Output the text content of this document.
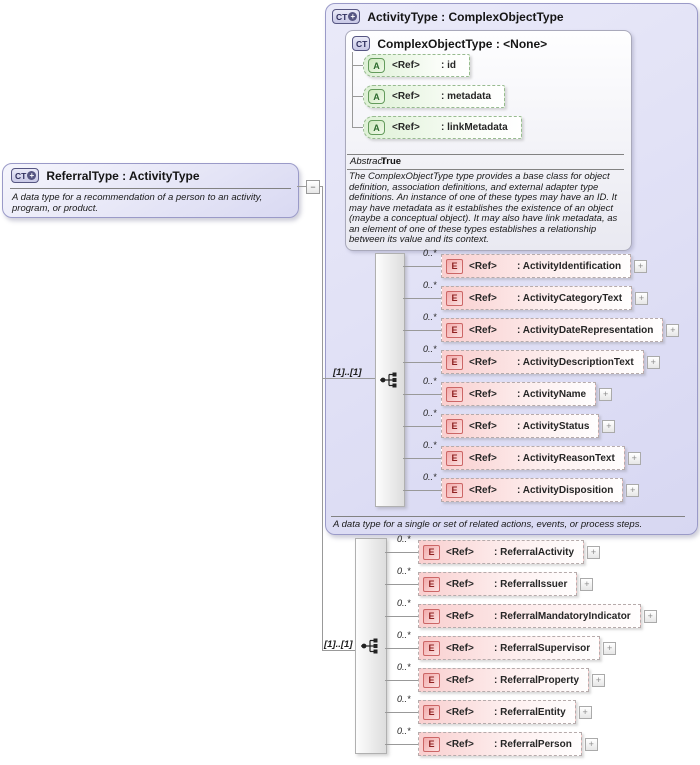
CT + ActivityType : ComplexObjectType
CT ComplexObjectType : <None>
A	<Ref>	: id
A	<Ref>	: metadata
A	<Ref>	: linkMetadata
Abstract
True
The ComplexObjectType type provides a base class for object definition, association definitions, and external adapter type definitions. An instance of one of these types may have an ID. It may have metadata as it establishes the existence of an object (maybe a conceptual object). It may also have link metadata, as an element of one of these types establishes a relationship between its value and its context.
[1]..[1]
0..*
E	<Ref>	: ActivityIdentification	+
0..*
E	<Ref>	: ActivityCategoryText	+
0..*
E	<Ref>	: ActivityDateRepresentation	+
0..*
E	<Ref>	: ActivityDescriptionText	+
0..*
E	<Ref>	: ActivityName	+
0..*
E	<Ref>	: ActivityStatus	+
0..*
E	<Ref>	: ActivityReasonText	+
0..*
E	<Ref>	: ActivityDisposition	+
A data type for a single or set of related actions, events, or process steps.
CT + ReferralType : ActivityType
A data type for a recommendation of a person to an activity, program, or product.
−
[1]..[1]
0..*
E	<Ref>	: ReferralActivity	+
0..*
E	<Ref>	: ReferralIssuer	+
0..*
E	<Ref>	: ReferralMandatoryIndicator	+
0..*
E	<Ref>	: ReferralSupervisor	+
0..*
E	<Ref>	: ReferralProperty	+
0..*
E	<Ref>	: ReferralEntity	+
0..*
E	<Ref>	: ReferralPerson	+
